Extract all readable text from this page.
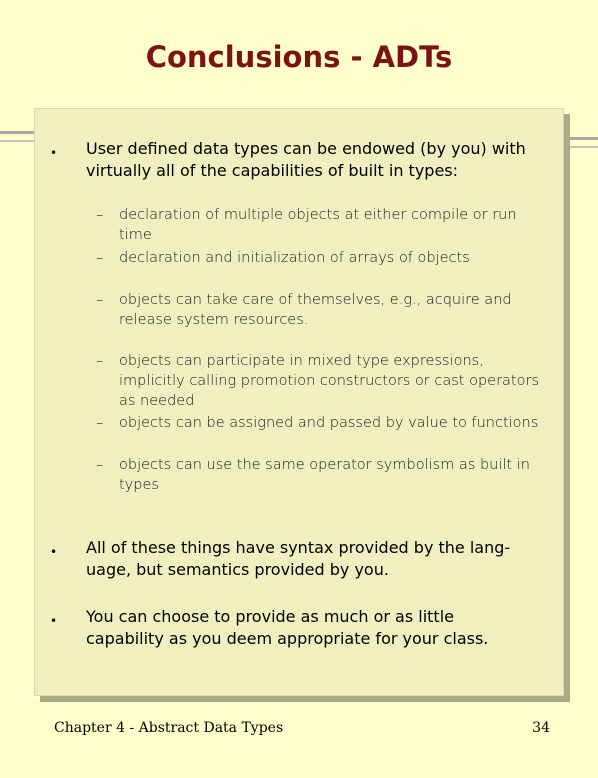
Conclusions - ADTs
• User defined data types can be endowed (by you) with virtually all of the capabilities of built in types:
– declaration of multiple objects at either compile or run time
– declaration and initialization of arrays of objects
– objects can take care of themselves, e.g., acquire and release system resources.
– objects can participate in mixed type expressions, implicitly calling promotion constructors or cast operators as needed
– objects can be assigned and passed by value to functions
– objects can use the same operator symbolism as built in types
• All of these things have syntax provided by the lang-uage, but semantics provided by you.
• You can choose to provide as much or as little capability as you deem appropriate for your class.
Chapter 4 - Abstract Data Types	34
